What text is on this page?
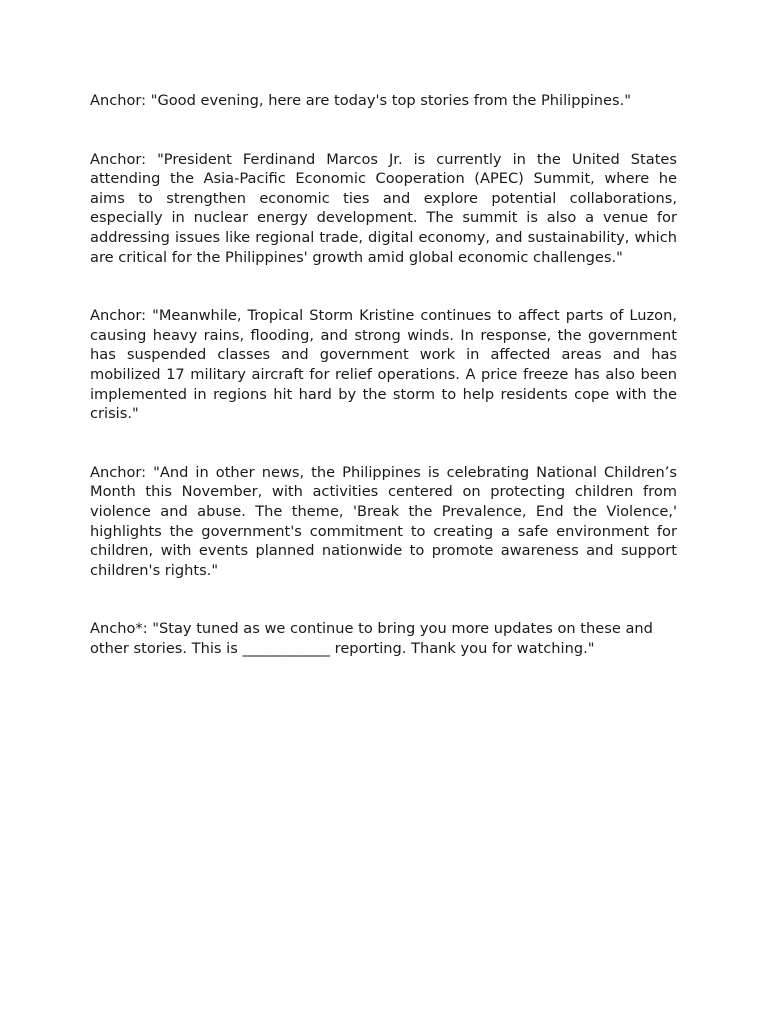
Anchor: "Good evening, here are today's top stories from the Philippines."

Anchor: "President Ferdinand Marcos Jr. is currently in the United States attending the Asia-Pacific Economic Cooperation (APEC) Summit, where he aims to strengthen economic ties and explore potential collaborations, especially in nuclear energy development. The summit is also a venue for addressing issues like regional trade, digital economy, and sustainability, which are critical for the Philippines' growth amid global economic challenges."

Anchor: "Meanwhile, Tropical Storm Kristine continues to affect parts of Luzon, causing heavy rains, flooding, and strong winds. In response, the government has suspended classes and government work in affected areas and has mobilized 17 military aircraft for relief operations. A price freeze has also been implemented in regions hit hard by the storm to help residents cope with the crisis."

Anchor: "And in other news, the Philippines is celebrating National Children’s Month this November, with activities centered on protecting children from violence and abuse. The theme, 'Break the Prevalence, End the Violence,' highlights the government's commitment to creating a safe environment for children, with events planned nationwide to promote awareness and support children's rights."

Ancho*: "Stay tuned as we continue to bring you more updates on these and other stories. This is ____________ reporting. Thank you for watching."
